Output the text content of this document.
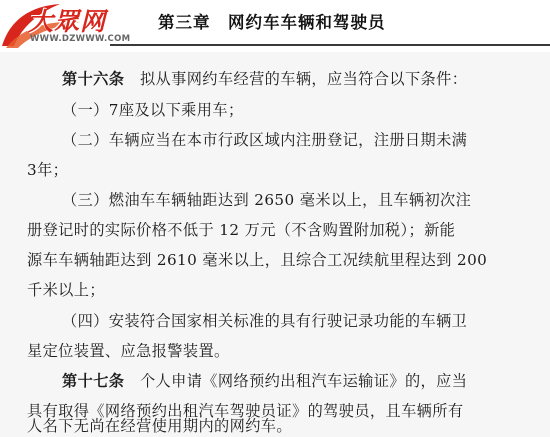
大眾网
WWW.DZWWW.COM
第三章　网约车车辆和驾驶员

第十六条　 拟从事网约车经营的车辆，应当符合以下条件：

（一）7座及以下乘用车；

（二）车辆应当在本市行政区域内注册登记，注册日期未满

3年；

（三）燃油车车辆轴距达到 2650 毫米以上，且车辆初次注

册登记时的实际价格不低于 12 万元（不含购置附加税）；新能

源车车辆轴距达到 2610 毫米以上，且综合工况续航里程达到 200

千米以上；

（四）安装符合国家相关标准的具有行驶记录功能的车辆卫

星定位装置、应急报警装置。

第十七条　 个人申请《网络预约出租汽车运输证》的，应当

具有取得《网络预约出租汽车驾驶员证》的驾驶员，且车辆所有

人名下无尚在经营使用期内的网约车。
